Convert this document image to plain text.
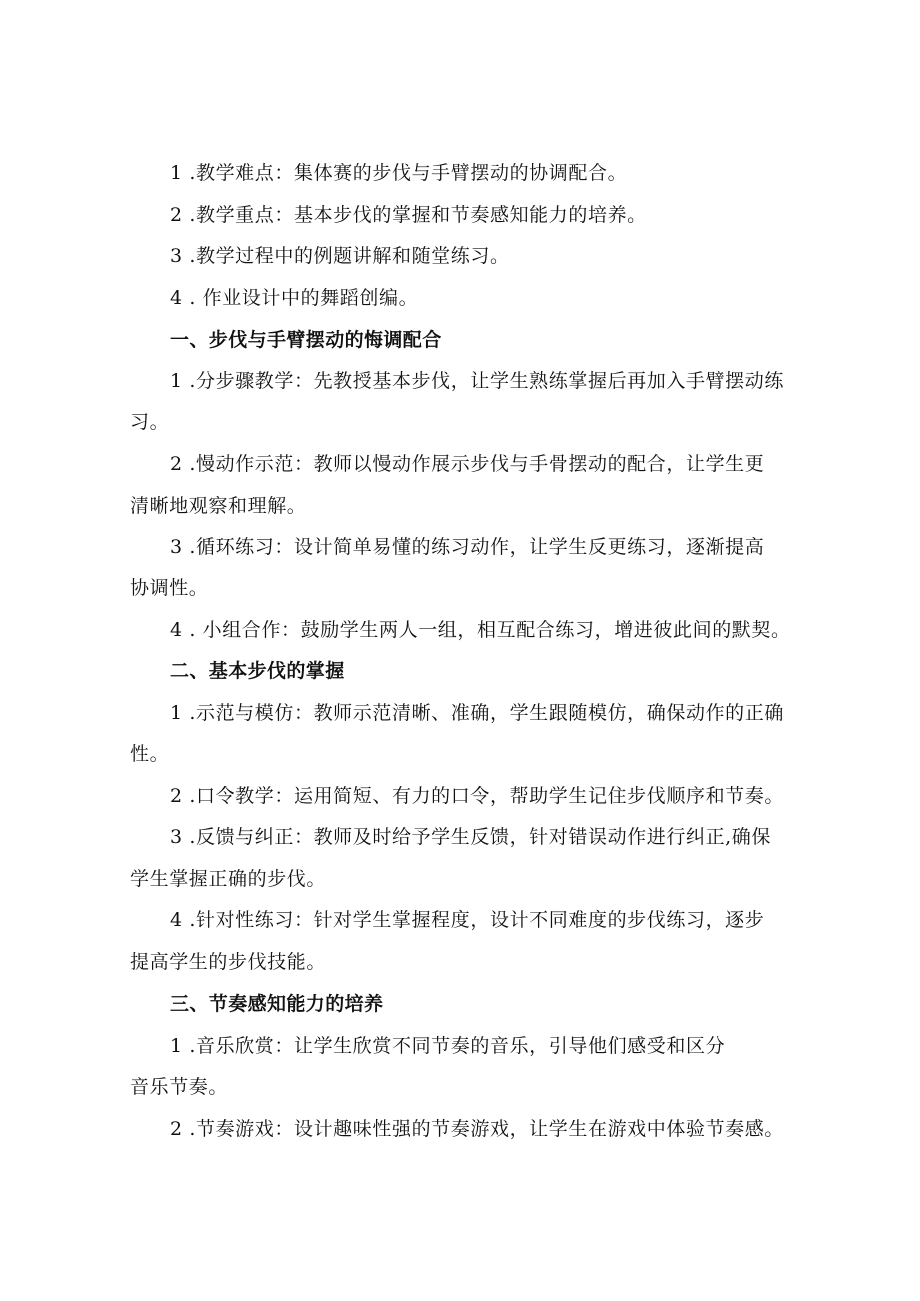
1 .教学难点：集体赛的步伐与手臂摆动的协调配合。
2 .教学重点：基本步伐的掌握和节奏感知能力的培养。
3 .教学过程中的例题讲解和随堂练习。
4 . 作业设计中的舞蹈创编。
一、步伐与手臂摆动的悔调配合
1 .分步骤教学：先教授基本步伐，让学生熟练掌握后再加入手臂摆动练
习。
2 .慢动作示范：教师以慢动作展示步伐与手骨摆动的配合，让学生更
清晰地观察和理解。
3 .循环练习：设计简单易懂的练习动作，让学生反更练习，逐渐提高
协调性。
4 . 小组合作：鼓励学生两人一组，相互配合练习，增进彼此间的默契。
二、基本步伐的掌握
1 .示范与模仿：教师示范清晰、准确，学生跟随模仿，确保动作的正确
性。
2 .口令教学：运用简短、有力的口令，帮助学生记住步伐顺序和节奏。
3 .反馈与纠正：教师及时给予学生反馈，针对错误动作进行纠正,确保
学生掌握正确的步伐。
4 .针对性练习：针对学生掌握程度，设计不同难度的步伐练习，逐步
提高学生的步伐技能。
三、节奏感知能力的培养
1 .音乐欣赏：让学生欣赏不同节奏的音乐，引导他们感受和区分
音乐节奏。
2 .节奏游戏：设计趣味性强的节奏游戏，让学生在游戏中体验节奏感。
